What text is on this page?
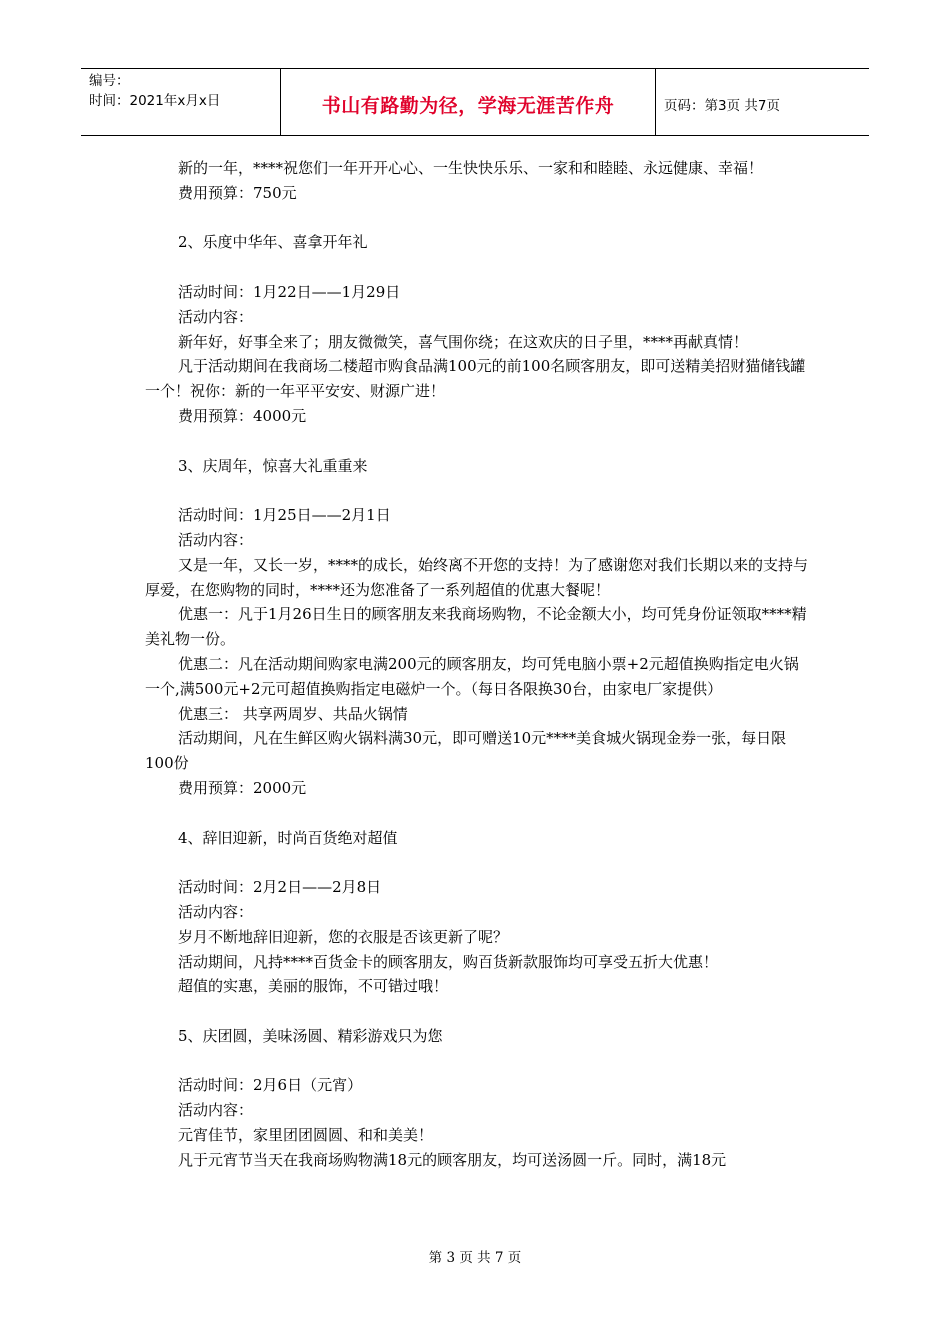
编号：
时间：2021年x月x日	书山有路勤为径，学海无涯苦作舟	页码：第3页 共7页

新的一年，****祝您们一年开开心心、一生快快乐乐、一家和和睦睦、永远健康、幸福！

费用预算：750元

2、乐度中华年、喜拿开年礼

活动时间：1月22日——1月29日

活动内容：

新年好，好事全来了；朋友微微笑，喜气围你绕；在这欢庆的日子里，****再献真情！

凡于活动期间在我商场二楼超市购食品满100元的前100名顾客朋友，即可送精美招财猫储钱罐一个！祝你：新的一年平平安安、财源广进！

费用预算：4000元

3、庆周年，惊喜大礼重重来

活动时间：1月25日——2月1日

活动内容：

又是一年，又长一岁，****的成长，始终离不开您的支持！为了感谢您对我们长期以来的支持与厚爱，在您购物的同时，****还为您准备了一系列超值的优惠大餐呢！

优惠一：凡于1月26日生日的顾客朋友来我商场购物，不论金额大小，均可凭身份证领取****精美礼物一份。

优惠二：凡在活动期间购家电满200元的顾客朋友，均可凭电脑小票+2元超值换购指定电火锅一个,满500元+2元可超值换购指定电磁炉一个。（每日各限换30台，由家电厂家提供）

优惠三： 共享两周岁、共品火锅情

活动期间，凡在生鲜区购火锅料满30元，即可赠送10元****美食城火锅现金券一张，每日限100份

费用预算：2000元

4、辞旧迎新，时尚百货绝对超值

活动时间：2月2日——2月8日

活动内容：

岁月不断地辞旧迎新，您的衣服是否该更新了呢？

活动期间，凡持****百货金卡的顾客朋友，购百货新款服饰均可享受五折大优惠！

超值的实惠，美丽的服饰，不可错过哦！

5、庆团圆，美味汤圆、精彩游戏只为您

活动时间：2月6日（元宵）

活动内容：

元宵佳节，家里团团圆圆、和和美美！

凡于元宵节当天在我商场购物满18元的顾客朋友，均可送汤圆一斤。同时，满18元

第 3 页 共 7 页
